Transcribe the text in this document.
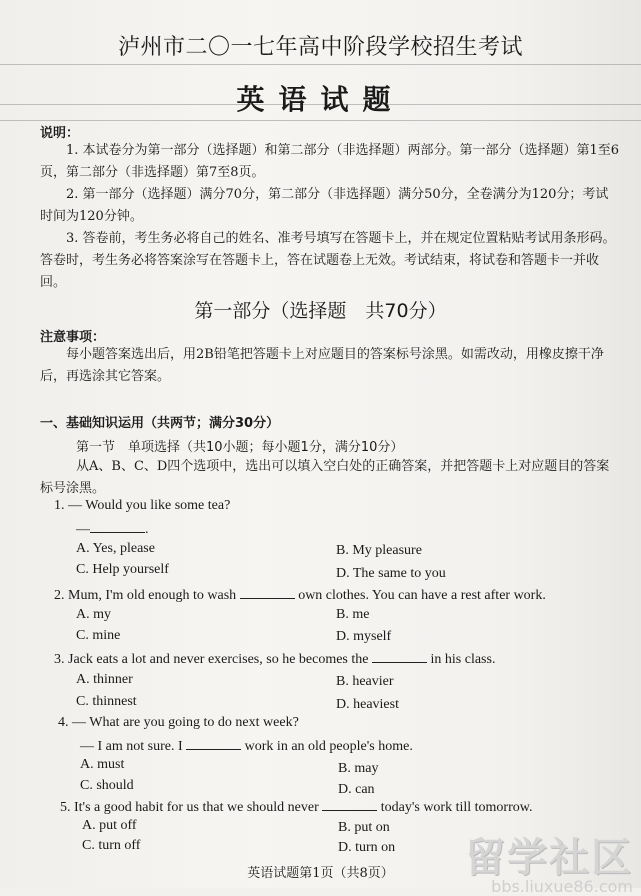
泸州市二〇一七年高中阶段学校招生考试
英语试题
说明：
1. 本试卷分为第一部分（选择题）和第二部分（非选择题）两部分。第一部分（选择题）第1至6页，第二部分（非选择题）第7至8页。
2. 第一部分（选择题）满分70分，第二部分（非选择题）满分50分，全卷满分为120分；考试时间为120分钟。
3. 答卷前，考生务必将自己的姓名、准考号填写在答题卡上，并在规定位置粘贴考试用条形码。答卷时，考生务必将答案涂写在答题卡上，答在试题卷上无效。考试结束，将试卷和答题卡一并收回。
第一部分（选择题　共70分）
注意事项：
每小题答案选出后，用2B铅笔把答题卡上对应题目的答案标号涂黑。如需改动，用橡皮擦干净后，再选涂其它答案。
一、基础知识运用（共两节；满分30分）
第一节　单项选择（共10小题；每小题1分，满分10分）
从A、B、C、D四个选项中，选出可以填入空白处的正确答案，并把答题卡上对应题目的答案标号涂黑。
1. — Would you like some tea?
—	.
A. Yes, please	B. My pleasure
C. Help yourself	D. The same to you
2. Mum, I'm old enough to wash	own clothes. You can have a rest after work.
A. my	B. me
C. mine	D. myself
3. Jack eats a lot and never exercises, so he becomes the	in his class.
A. thinner	B. heavier
C. thinnest	D. heaviest
4. — What are you going to do next week?
— I am not sure. I	work in an old people's home.
A. must	B. may
C. should	D. can
5. It's a good habit for us that we should never	today's work till tomorrow.
A. put off	B. put on
C. turn off	D. turn on
英语试题第1页（共8页）	留学社区
bbs.liuxue86.com
